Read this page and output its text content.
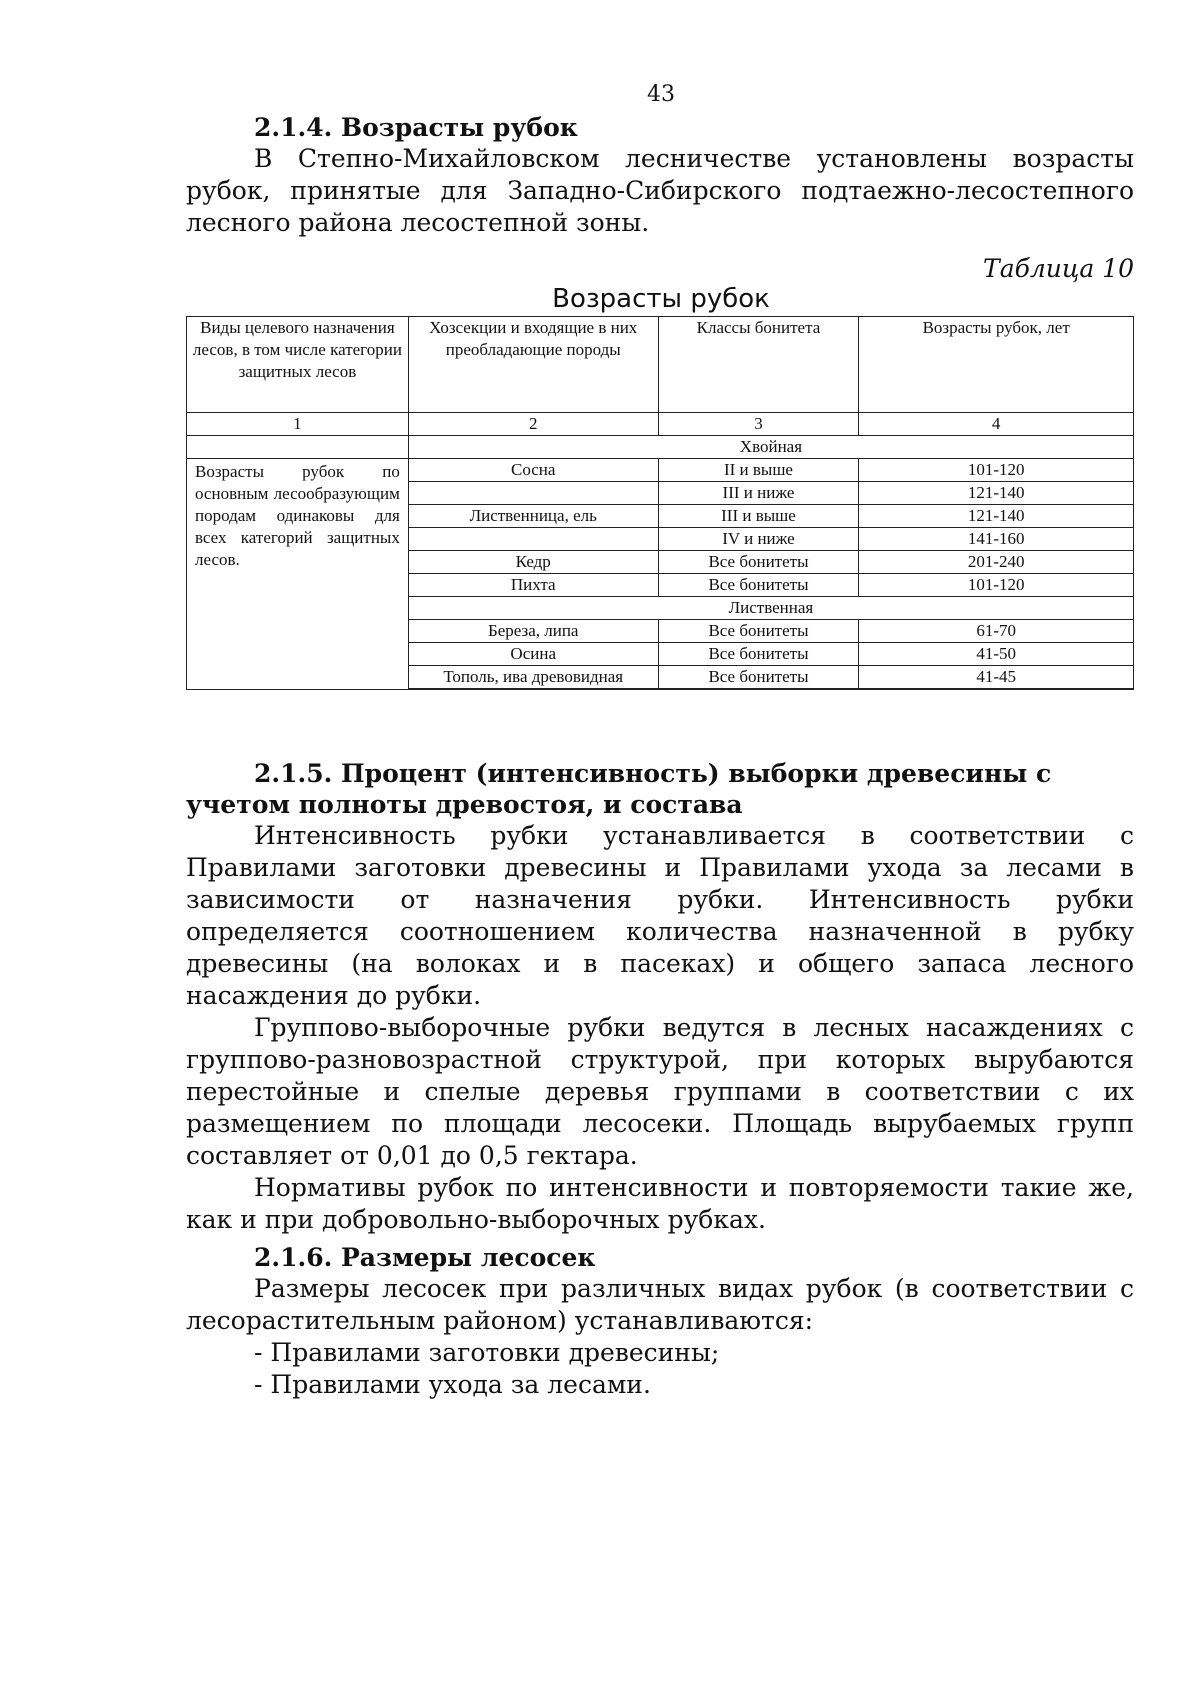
43
2.1.4. Возрасты рубок
В Степно-Михайловском лесничестве установлены возрасты рубок, принятые для Западно-Сибирского подтаежно-лесостепного лесного района лесостепной зоны.
Таблица 10
Возрасты рубок
Виды целевого назначения лесов, в том числе категории защитных лесов	Хозсекции и входящие в них преобладающие породы	Классы бонитета	Возрасты рубок, лет
1	2	3	4
	Хвойная		
Возрасты рубок по основным лесообразующим породам одинаковы для всех категорий защитных лесов.	Сосна	II и выше	101-120
		III и ниже	121-140
	Лиственница, ель	III и выше	121-140
		IV и ниже	141-160
	Кедр	Все бонитеты	201-240
	Пихта	Все бонитеты	101-120
	Лиственная		
	Береза, липа	Все бонитеты	61-70
	Осина	Все бонитеты	41-50
	Тополь, ива древовидная	Все бонитеты	41-45

2.1.5. Процент (интенсивность) выборки древесины с учетом полноты древостоя, и состава
Интенсивность рубки устанавливается в соответствии с Правилами заготовки древесины и Правилами ухода за лесами в зависимости от назначения рубки. Интенсивность рубки определяется соотношением количества назначенной в рубку древесины (на волоках и в пасеках) и общего запаса лесного насаждения до рубки.
Группово-выборочные рубки ведутся в лесных насаждениях с группово-разновозрастной структурой, при которых вырубаются перестойные и спелые деревья группами в соответствии с их размещением по площади лесосеки. Площадь вырубаемых групп составляет от 0,01 до 0,5 гектара.
Нормативы рубок по интенсивности и повторяемости такие же, как и при добровольно-выборочных рубках.
2.1.6. Размеры лесосек
Размеры лесосек при различных видах рубок (в соответствии с лесорастительным районом) устанавливаются:
- Правилами заготовки древесины;
- Правилами ухода за лесами.
